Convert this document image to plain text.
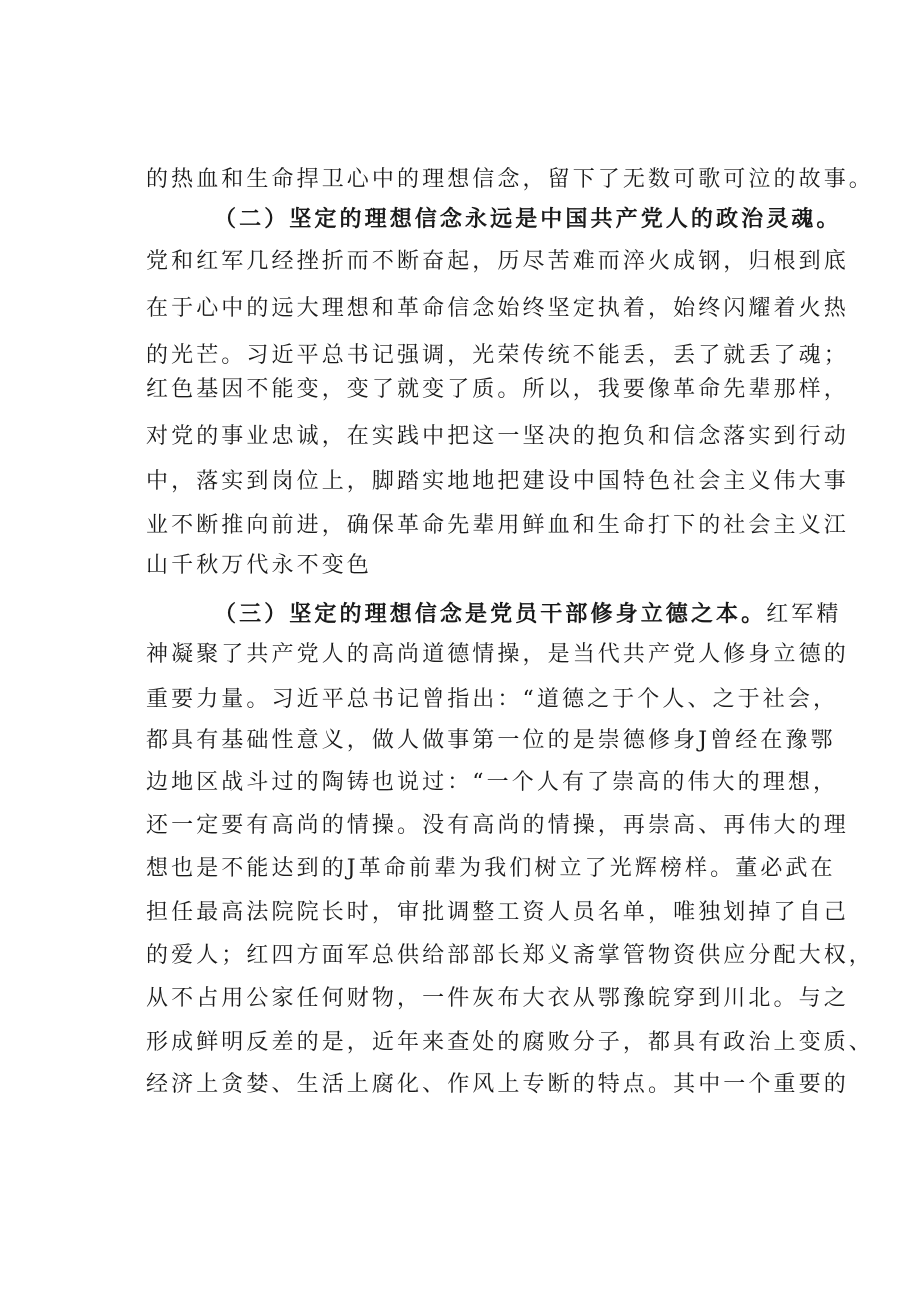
的热血和生命捍卫心中的理想信念，留下了无数可歌可泣的故事。
（二）坚定的理想信念永远是中国共产党人的政治灵魂。
党和红军几经挫折而不断奋起，历尽苦难而淬火成钢，归根到底
在于心中的远大理想和革命信念始终坚定执着，始终闪耀着火热
的光芒。习近平总书记强调，光荣传统不能丢，丢了就丢了魂；
红色基因不能变，变了就变了质。所以，我要像革命先辈那样，
对党的事业忠诚，在实践中把这一坚决的抱负和信念落实到行动
中，落实到岗位上，脚踏实地地把建设中国特色社会主义伟大事
业不断推向前进，确保革命先辈用鲜血和生命打下的社会主义江
山千秋万代永不变色
（三）坚定的理想信念是党员干部修身立德之本。红军精
神凝聚了共产党人的高尚道德情操，是当代共产党人修身立德的
重要力量。习近平总书记曾指出：“道德之于个人、之于社会，
都具有基础性意义，做人做事第一位的是崇德修身J曾经在豫鄂
边地区战斗过的陶铸也说过：“一个人有了崇高的伟大的理想，
还一定要有高尚的情操。没有高尚的情操，再崇高、再伟大的理
想也是不能达到的J革命前辈为我们树立了光辉榜样。董必武在
担任最高法院院长时，审批调整工资人员名单，唯独划掉了自己
的爱人；红四方面军总供给部部长郑义斋掌管物资供应分配大权，
从不占用公家任何财物，一件灰布大衣从鄂豫皖穿到川北。与之
形成鲜明反差的是，近年来查处的腐败分子，都具有政治上变质、
经济上贪婪、生活上腐化、作风上专断的特点。其中一个重要的
